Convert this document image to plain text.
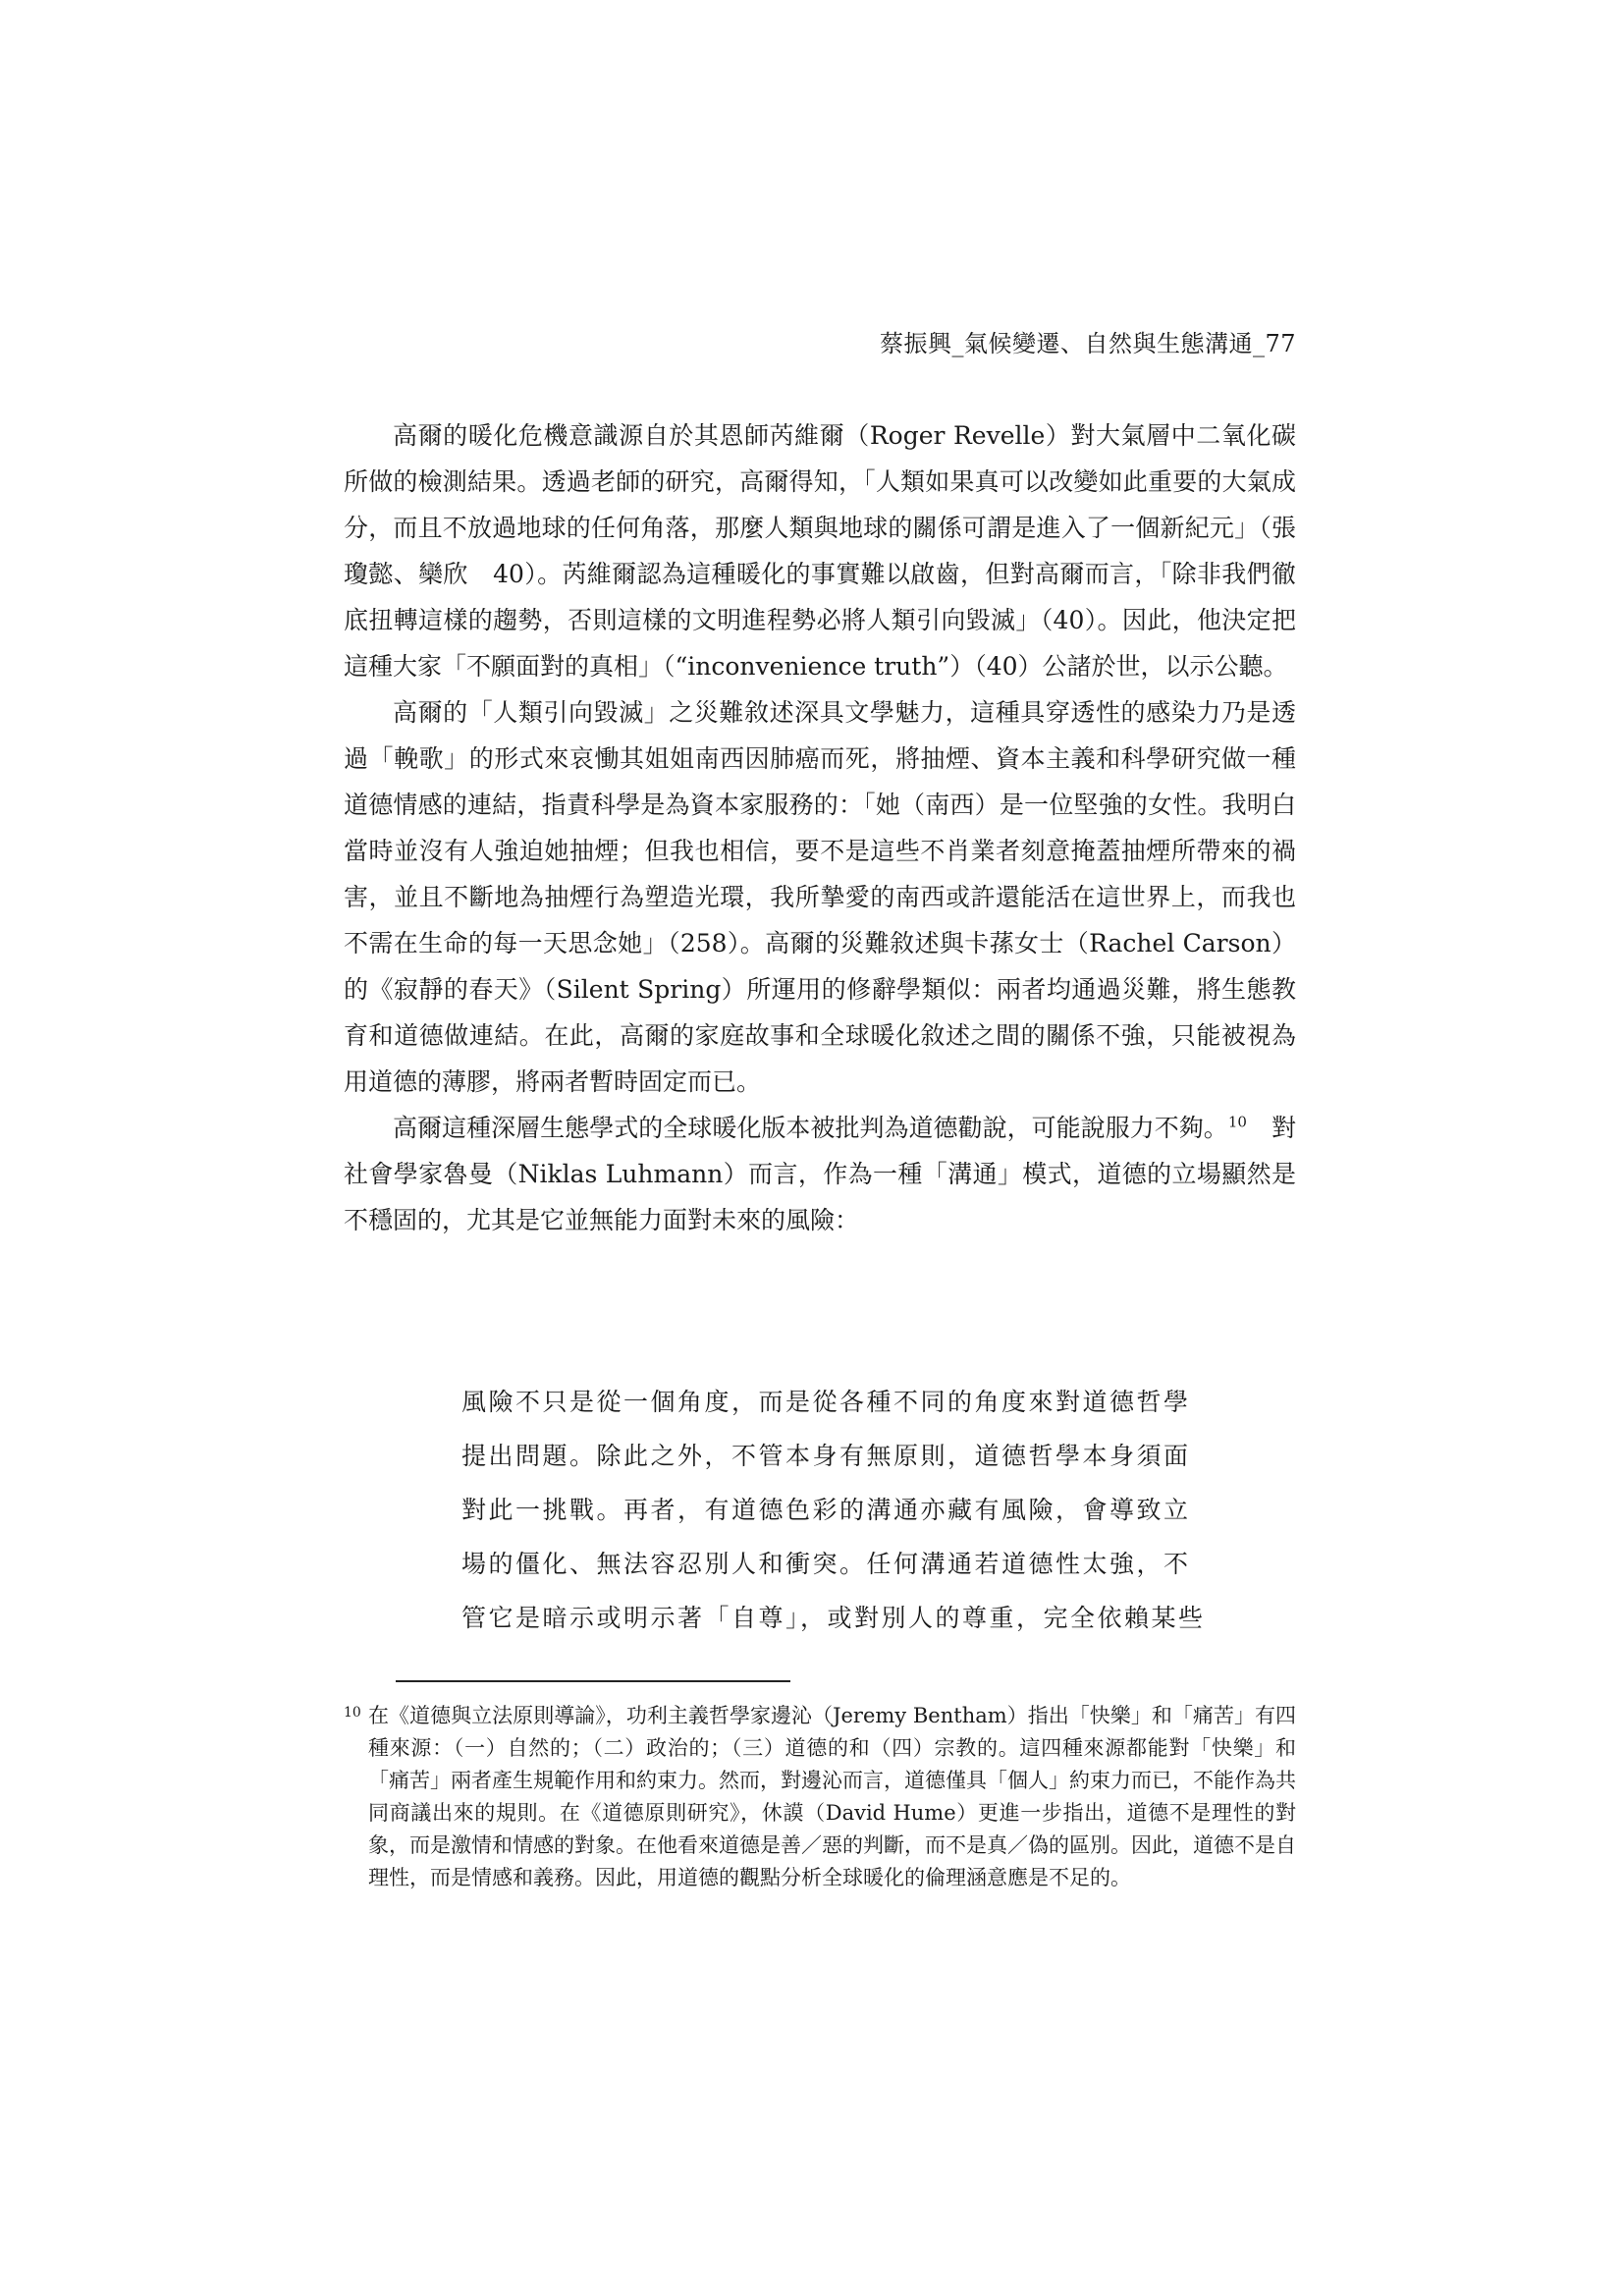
蔡振興_氣候變遷、自然與生態溝通_77

高爾的暖化危機意識源自於其恩師芮維爾（Roger Revelle）對大氣層中二氧化碳所做的檢測結果。透過老師的研究，高爾得知，「人類如果真可以改變如此重要的大氣成分，而且不放過地球的任何角落，那麼人類與地球的關係可謂是進入了一個新紀元」（張瓊懿、欒欣　40）。芮維爾認為這種暖化的事實難以啟齒，但對高爾而言，「除非我們徹底扭轉這樣的趨勢，否則這樣的文明進程勢必將人類引向毀滅」（40）。因此，他決定把這種大家「不願面對的真相」（“inconvenience truth”）（40）公諸於世，以示公聽。

高爾的「人類引向毀滅」之災難敘述深具文學魅力，這種具穿透性的感染力乃是透過「輓歌」的形式來哀慟其姐姐南西因肺癌而死，將抽煙、資本主義和科學研究做一種道德情感的連結，指責科學是為資本家服務的：「她（南西）是一位堅強的女性。我明白當時並沒有人強迫她抽煙；但我也相信，要不是這些不肖業者刻意掩蓋抽煙所帶來的禍害，並且不斷地為抽煙行為塑造光環，我所摯愛的南西或許還能活在這世界上，而我也不需在生命的每一天思念她」（258）。高爾的災難敘述與卡蓀女士（Rachel Carson）的《寂靜的春天》（Silent Spring）所運用的修辭學類似：兩者均通過災難，將生態教育和道德做連結。在此，高爾的家庭故事和全球暖化敘述之間的關係不強，只能被視為用道德的薄膠，將兩者暫時固定而已。

高爾這種深層生態學式的全球暖化版本被批判為道德勸說，可能說服力不夠。$^{10}$　對社會學家魯曼（Niklas Luhmann）而言，作為一種「溝通」模式，道德的立場顯然是不穩固的，尤其是它並無能力面對未來的風險：

風險不只是從一個角度，而是從各種不同的角度來對道德哲學

提出問題。除此之外，不管本身有無原則，道德哲學本身須面

對此一挑戰。再者，有道德色彩的溝通亦藏有風險，會導致立

場的僵化、無法容忍別人和衝突。任何溝通若道德性太強，不

管它是暗示或明示著「自尊」，或對別人的尊重，完全依賴某些

10 在《道德與立法原則導論》，功利主義哲學家邊沁（Jeremy Bentham）指出「快樂」和「痛苦」有四種來源：（一）自然的；（二）政治的；（三）道德的和（四）宗教的。這四種來源都能對「快樂」和「痛苦」兩者產生規範作用和約束力。然而，對邊沁而言，道德僅具「個人」約束力而已，不能作為共同商議出來的規則。在《道德原則研究》，休謨（David Hume）更進一步指出，道德不是理性的對象，而是激情和情感的對象。在他看來道德是善／惡的判斷，而不是真／偽的區別。因此，道德不是自理性，而是情感和義務。因此，用道德的觀點分析全球暖化的倫理涵意應是不足的。
